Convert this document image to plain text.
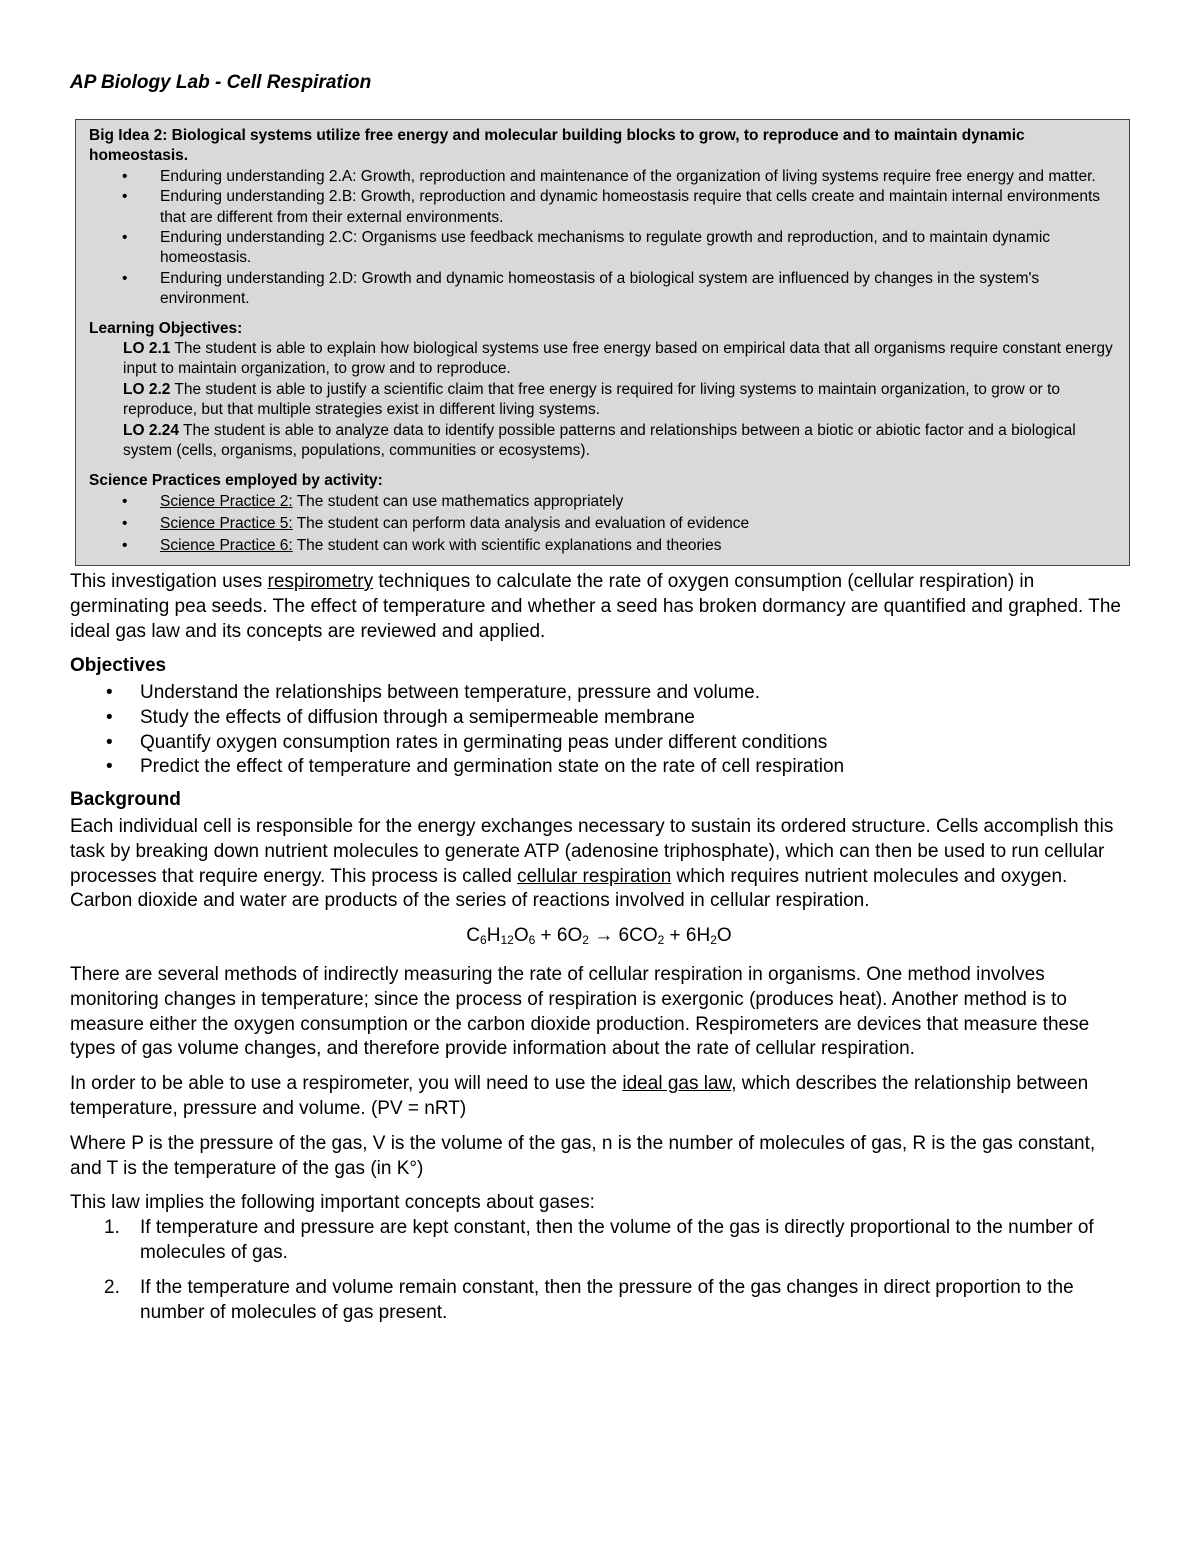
AP Biology Lab - Cell Respiration
Big Idea 2: Biological systems utilize free energy and molecular building blocks to grow, to reproduce and to maintain dynamic homeostasis.
• Enduring understanding 2.A: Growth, reproduction and maintenance of the organization of living systems require free energy and matter.
• Enduring understanding 2.B: Growth, reproduction and dynamic homeostasis require that cells create and maintain internal environments that are different from their external environments.
• Enduring understanding 2.C: Organisms use feedback mechanisms to regulate growth and reproduction, and to maintain dynamic homeostasis.
• Enduring understanding 2.D: Growth and dynamic homeostasis of a biological system are influenced by changes in the system's environment.
Learning Objectives:
LO 2.1 The student is able to explain how biological systems use free energy based on empirical data that all organisms require constant energy input to maintain organization, to grow and to reproduce.
LO 2.2 The student is able to justify a scientific claim that free energy is required for living systems to maintain organization, to grow or to reproduce, but that multiple strategies exist in different living systems.
LO 2.24 The student is able to analyze data to identify possible patterns and relationships between a biotic or abiotic factor and a biological system (cells, organisms, populations, communities or ecosystems).
Science Practices employed by activity:
• Science Practice 2: The student can use mathematics appropriately
• Science Practice 5: The student can perform data analysis and evaluation of evidence
• Science Practice 6: The student can work with scientific explanations and theories

This investigation uses respirometry techniques to calculate the rate of oxygen consumption (cellular respiration) in germinating pea seeds. The effect of temperature and whether a seed has broken dormancy are quantified and graphed. The ideal gas law and its concepts are reviewed and applied.

Objectives

• Understand the relationships between temperature, pressure and volume.
• Study the effects of diffusion through a semipermeable membrane
• Quantify oxygen consumption rates in germinating peas under different conditions
• Predict the effect of temperature and germination state on the rate of cell respiration

Background

Each individual cell is responsible for the energy exchanges necessary to sustain its ordered structure. Cells accomplish this task by breaking down nutrient molecules to generate ATP (adenosine triphosphate), which can then be used to run cellular processes that require energy. This process is called cellular respiration which requires nutrient molecules and oxygen. Carbon dioxide and water are products of the series of reactions involved in cellular respiration.

$C_6H_{12}O_6 + 6O_2 \to 6CO_2 + 6H_2O$

There are several methods of indirectly measuring the rate of cellular respiration in organisms. One method involves monitoring changes in temperature; since the process of respiration is exergonic (produces heat). Another method is to measure either the oxygen consumption or the carbon dioxide production. Respirometers are devices that measure these types of gas volume changes, and therefore provide information about the rate of cellular respiration.

In order to be able to use a respirometer, you will need to use the ideal gas law, which describes the relationship between temperature, pressure and volume. (PV = nRT)

Where P is the pressure of the gas, V is the volume of the gas, n is the number of molecules of gas, R is the gas constant, and T is the temperature of the gas (in K°)

This law implies the following important concepts about gases:

1. If temperature and pressure are kept constant, then the volume of the gas is directly proportional to the number of molecules of gas.
2. If the temperature and volume remain constant, then the pressure of the gas changes in direct proportion to the number of molecules of gas present.
